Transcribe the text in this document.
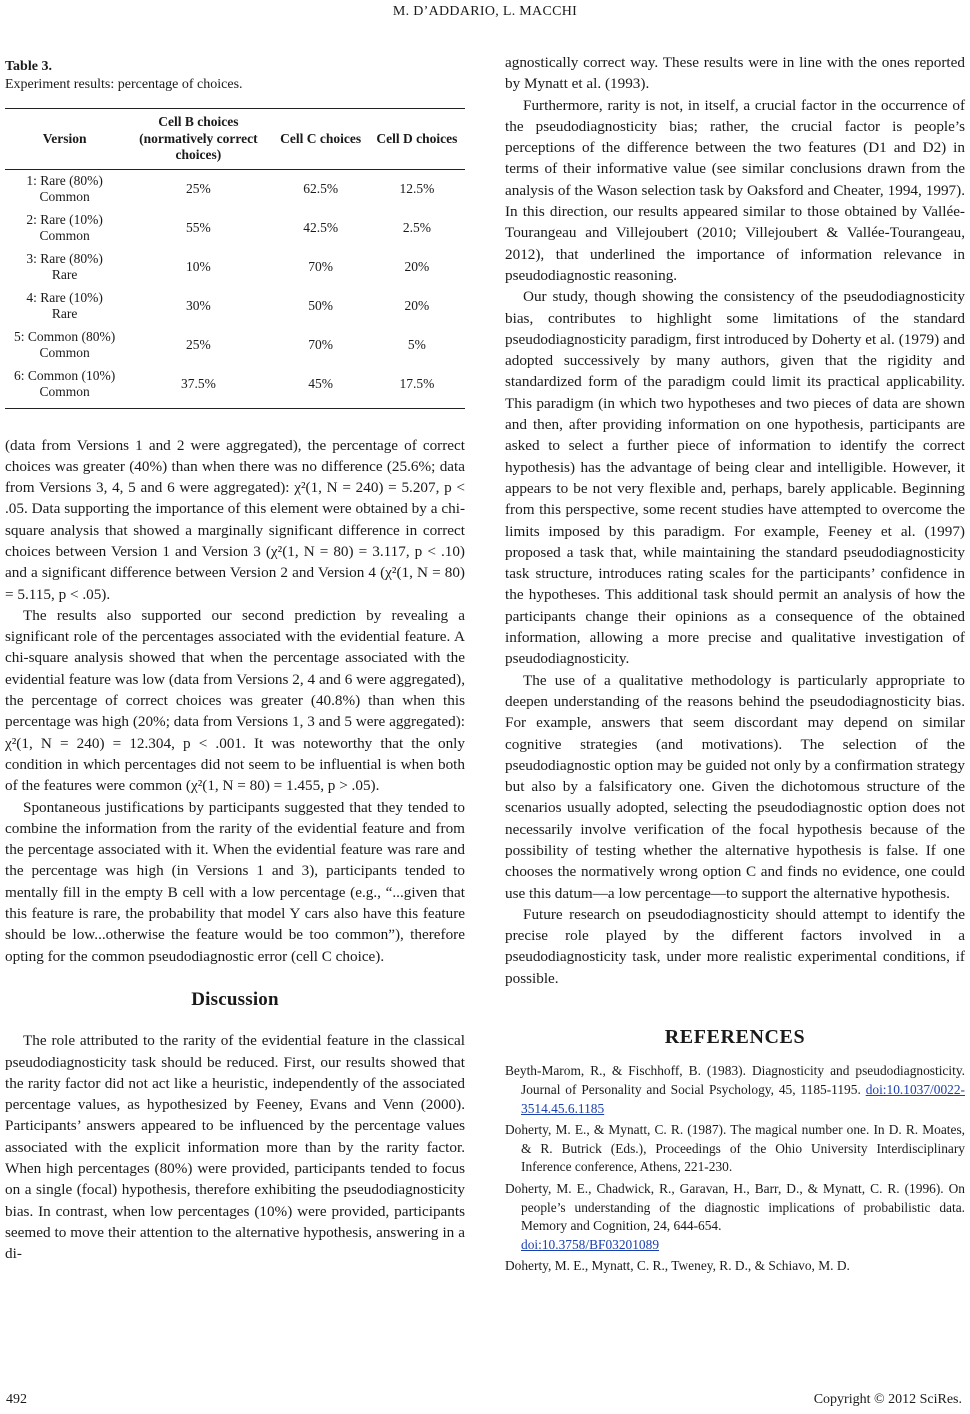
M. D’ADDARIO, L. MACCHI
Table 3.
Experiment results: percentage of choices.
Version	Cell B choices (normatively correct choices)	Cell C choices	Cell D choices
1: Rare (80%)
Common	25%	62.5%	12.5%
2: Rare (10%)
Common	55%	42.5%	2.5%
3: Rare (80%)
Rare	10%	70%	20%
4: Rare (10%)
Rare	30%	50%	20%
5: Common (80%)
Common	25%	70%	5%
6: Common (10%)
Common	37.5%	45%	17.5%

(data from Versions 1 and 2 were aggregated), the percentage of correct choices was greater (40%) than when there was no difference (25.6%; data from Versions 3, 4, 5 and 6 were aggregated): χ²(1, N = 240) = 5.207, p < .05. Data supporting the importance of this element were obtained by a chi-square analysis that showed a marginally significant difference in correct choices between Version 1 and Version 3 (χ²(1, N = 80) = 3.117, p < .10) and a significant difference between Version 2 and Version 4 (χ²(1, N = 80) = 5.115, p < .05).

The results also supported our second prediction by revealing a significant role of the percentages associated with the evidential feature. A chi-square analysis showed that when the percentage associated with the evidential feature was low (data from Versions 2, 4 and 6 were aggregated), the percentage of correct choices was greater (40.8%) than when this percentage was high (20%; data from Versions 1, 3 and 5 were aggregated): χ²(1, N = 240) = 12.304, p < .001. It was noteworthy that the only condition in which percentages did not seem to be influential is when both of the features were common (χ²(1, N = 80) = 1.455, p > .05).

Spontaneous justifications by participants suggested that they tended to combine the information from the rarity of the evidential feature and from the percentage associated with it. When the evidential feature was rare and the percentage was high (in Versions 1 and 3), participants tended to mentally fill in the empty B cell with a low percentage (e.g., “...given that this feature is rare, the probability that model Y cars also have this feature should be low...otherwise the feature would be too common”), therefore opting for the common pseudodiagnostic error (cell C choice).

Discussion

The role attributed to the rarity of the evidential feature in the classical pseudodiagnosticity task should be reduced. First, our results showed that the rarity factor did not act like a heuristic, independently of the associated percentage values, as hypothesized by Feeney, Evans and Venn (2000). Participants’ answers appeared to be influenced by the percentage values associated with the explicit information more than by the rarity factor. When high percentages (80%) were provided, participants tended to focus on a single (focal) hypothesis, therefore exhibiting the pseudodiagnosticity bias. In contrast, when low percentages (10%) were provided, participants seemed to move their attention to the alternative hypothesis, answering in a di-

agnostically correct way. These results were in line with the ones reported by Mynatt et al. (1993).

Furthermore, rarity is not, in itself, a crucial factor in the occurrence of the pseudodiagnosticity bias; rather, the crucial factor is people’s perceptions of the difference between the two features (D1 and D2) in terms of their informative value (see similar conclusions drawn from the analysis of the Wason selection task by Oaksford and Cheater, 1994, 1997). In this direction, our results appeared similar to those obtained by Vallée-Tourangeau and Villejoubert (2010; Villejoubert & Vallée-Tourangeau, 2012), that underlined the importance of information relevance in pseudodiagnostic reasoning.

Our study, though showing the consistency of the pseudodiagnosticity bias, contributes to highlight some limitations of the standard pseudodiagnosticity paradigm, first introduced by Doherty et al. (1979) and adopted successively by many authors, given that the rigidity and standardized form of the paradigm could limit its practical applicability. This paradigm (in which two hypotheses and two pieces of data are shown and then, after providing information on one hypothesis, participants are asked to select a further piece of information to identify the correct hypothesis) has the advantage of being clear and intelligible. However, it appears to be not very flexible and, perhaps, barely applicable. Beginning from this perspective, some recent studies have attempted to overcome the limits imposed by this paradigm. For example, Feeney et al. (1997) proposed a task that, while maintaining the standard pseudodiagnosticity task structure, introduces rating scales for the participants’ confidence in the hypotheses. This additional task should permit an analysis of how the participants change their opinions as a consequence of the obtained information, allowing a more precise and qualitative investigation of pseudodiagnosticity.

The use of a qualitative methodology is particularly appropriate to deepen understanding of the reasons behind the pseudodiagnosticity bias. For example, answers that seem discordant may depend on similar cognitive strategies (and motivations). The selection of the pseudodiagnostic option may be guided not only by a confirmation strategy but also by a falsificatory one. Given the dichotomous structure of the scenarios usually adopted, selecting the pseudodiagnostic option does not necessarily involve verification of the focal hypothesis because of the possibility of testing whether the alternative hypothesis is false. If one chooses the normatively wrong option C and finds no evidence, one could use this datum—a low percentage—to support the alternative hypothesis.

Future research on pseudodiagnosticity should attempt to identify the precise role played by the different factors involved in a pseudodiagnosticity task, under more realistic experimental conditions, if possible.

REFERENCES
Beyth-Marom, R., & Fischhoff, B. (1983). Diagnosticity and pseudodiagnosticity. Journal of Personality and Social Psychology, 45, 1185-1195. doi:10.1037/0022-3514.45.6.1185
Doherty, M. E., & Mynatt, C. R. (1987). The magical number one. In D. R. Moates, & R. Butrick (Eds.), Proceedings of the Ohio University Interdisciplinary Inference conference, Athens, 221-230.
Doherty, M. E., Chadwick, R., Garavan, H., Barr, D., & Mynatt, C. R. (1996). On people’s understanding of the diagnostic implications of probabilistic data. Memory and Cognition, 24, 644-654.
doi:10.3758/BF03201089
Doherty, M. E., Mynatt, C. R., Tweney, R. D., & Schiavo, M. D.
492	Copyright © 2012 SciRes.
